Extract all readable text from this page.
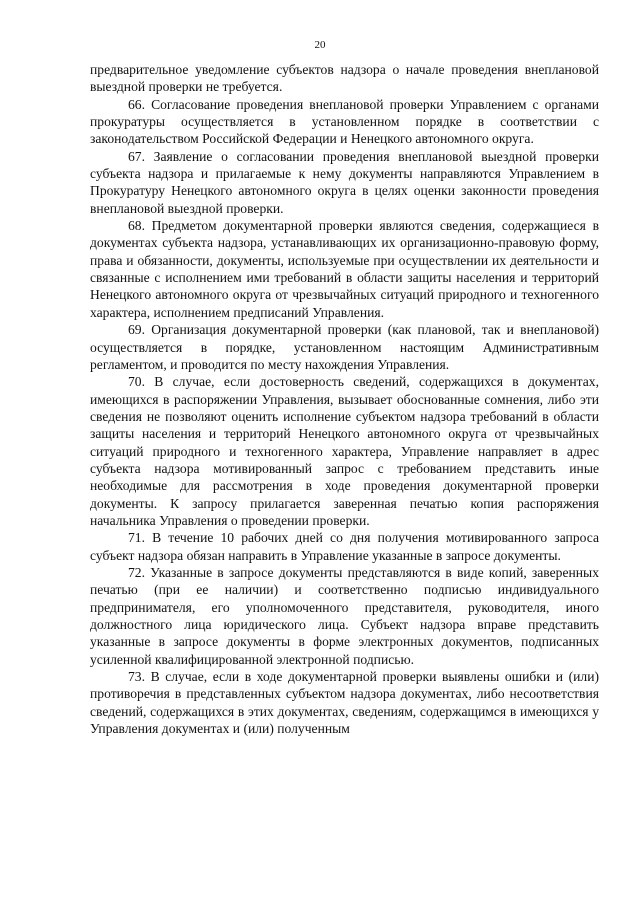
20

предварительное уведомление субъектов надзора о начале проведения внеплановой выездной проверки не требуется.

66. Согласование проведения внеплановой проверки Управлением с органами прокуратуры осуществляется в установленном порядке в соответствии с законодательством Российской Федерации и Ненецкого автономного округа.

67. Заявление о согласовании проведения внеплановой выездной проверки субъекта надзора и прилагаемые к нему документы направляются Управлением в Прокуратуру Ненецкого автономного округа в целях оценки законности проведения внеплановой выездной проверки.

68. Предметом документарной проверки являются сведения, содержащиеся в документах субъекта надзора, устанавливающих их организационно-правовую форму, права и обязанности, документы, используемые при осуществлении их деятельности и связанные с исполнением ими требований в области защиты населения и территорий Ненецкого автономного округа от чрезвычайных ситуаций природного и техногенного характера, исполнением предписаний Управления.

69. Организация документарной проверки (как плановой, так и внеплановой) осуществляется в порядке, установленном настоящим Административным регламентом, и проводится по месту нахождения Управления.

70. В случае, если достоверность сведений, содержащихся в документах, имеющихся в распоряжении Управления, вызывает обоснованные сомнения, либо эти сведения не позволяют оценить исполнение субъектом надзора требований в области защиты населения и территорий Ненецкого автономного округа от чрезвычайных ситуаций природного и техногенного характера, Управление направляет в адрес субъекта надзора мотивированный запрос с требованием представить иные необходимые для рассмотрения в ходе проведения документарной проверки документы. К запросу прилагается заверенная печатью копия распоряжения начальника Управления о проведении проверки.

71. В течение 10 рабочих дней со дня получения мотивированного запроса субъект надзора обязан направить в Управление указанные в запросе документы.

72. Указанные в запросе документы представляются в виде копий, заверенных печатью (при ее наличии) и соответственно подписью индивидуального предпринимателя, его уполномоченного представителя, руководителя, иного должностного лица юридического лица. Субъект надзора вправе представить указанные в запросе документы в форме электронных документов, подписанных усиленной квалифицированной электронной подписью.

73. В случае, если в ходе документарной проверки выявлены ошибки и (или) противоречия в представленных субъектом надзора документах, либо несоответствия сведений, содержащихся в этих документах, сведениям, содержащимся в имеющихся у Управления документах и (или) полученным
